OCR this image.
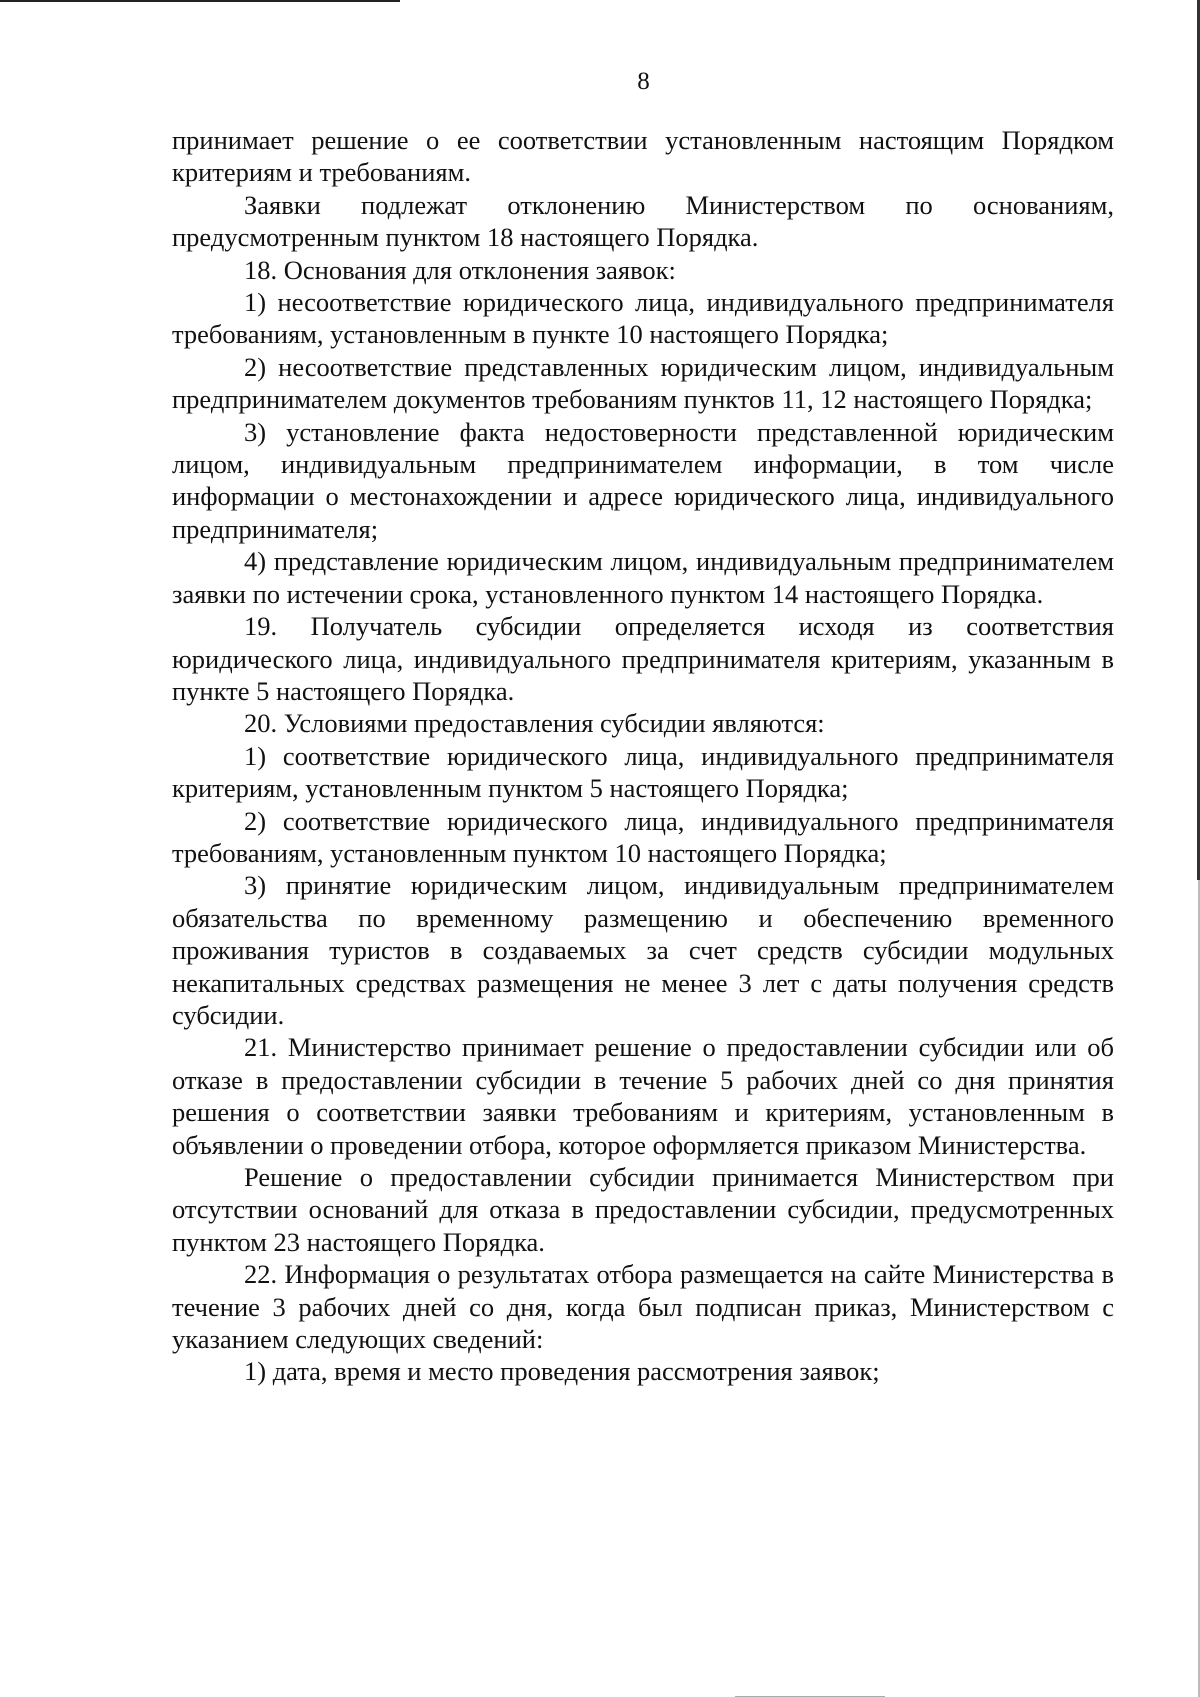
8

принимает решение о ее соответствии установленным настоящим Порядком критериям и требованиям.

Заявки подлежат отклонению Министерством по основаниям, предусмотренным пунктом 18 настоящего Порядка.

18. Основания для отклонения заявок:

1) несоответствие юридического лица, индивидуального предпринимателя требованиям, установленным в пункте 10 настоящего Порядка;

2) несоответствие представленных юридическим лицом, индивидуальным предпринимателем документов требованиям пунктов 11, 12 настоящего Порядка;

3) установление факта недостоверности представленной юридическим лицом, индивидуальным предпринимателем информации, в том числе информации о местонахождении и адресе юридического лица, индивидуального предпринимателя;

4) представление юридическим лицом, индивидуальным предпринимателем заявки по истечении срока, установленного пунктом 14 настоящего Порядка.

19. Получатель субсидии определяется исходя из соответствия юридического лица, индивидуального предпринимателя критериям, указанным в пункте 5 настоящего Порядка.

20. Условиями предоставления субсидии являются:

1) соответствие юридического лица, индивидуального предпринимателя критериям, установленным пунктом 5 настоящего Порядка;

2) соответствие юридического лица, индивидуального предпринимателя требованиям, установленным пунктом 10 настоящего Порядка;

3) принятие юридическим лицом, индивидуальным предпринимателем обязательства по временному размещению и обеспечению временного проживания туристов в создаваемых за счет средств субсидии модульных некапитальных средствах размещения не менее 3 лет с даты получения средств субсидии.

21. Министерство принимает решение о предоставлении субсидии или об отказе в предоставлении субсидии в течение 5 рабочих дней со дня принятия решения о соответствии заявки требованиям и критериям, установленным в объявлении о проведении отбора, которое оформляется приказом Министерства.

Решение о предоставлении субсидии принимается Министерством при отсутствии оснований для отказа в предоставлении субсидии, предусмотренных пунктом 23 настоящего Порядка.

22. Информация о результатах отбора размещается на сайте Министерства в течение 3 рабочих дней со дня, когда был подписан приказ, Министерством с указанием следующих сведений:

1) дата, время и место проведения рассмотрения заявок;
